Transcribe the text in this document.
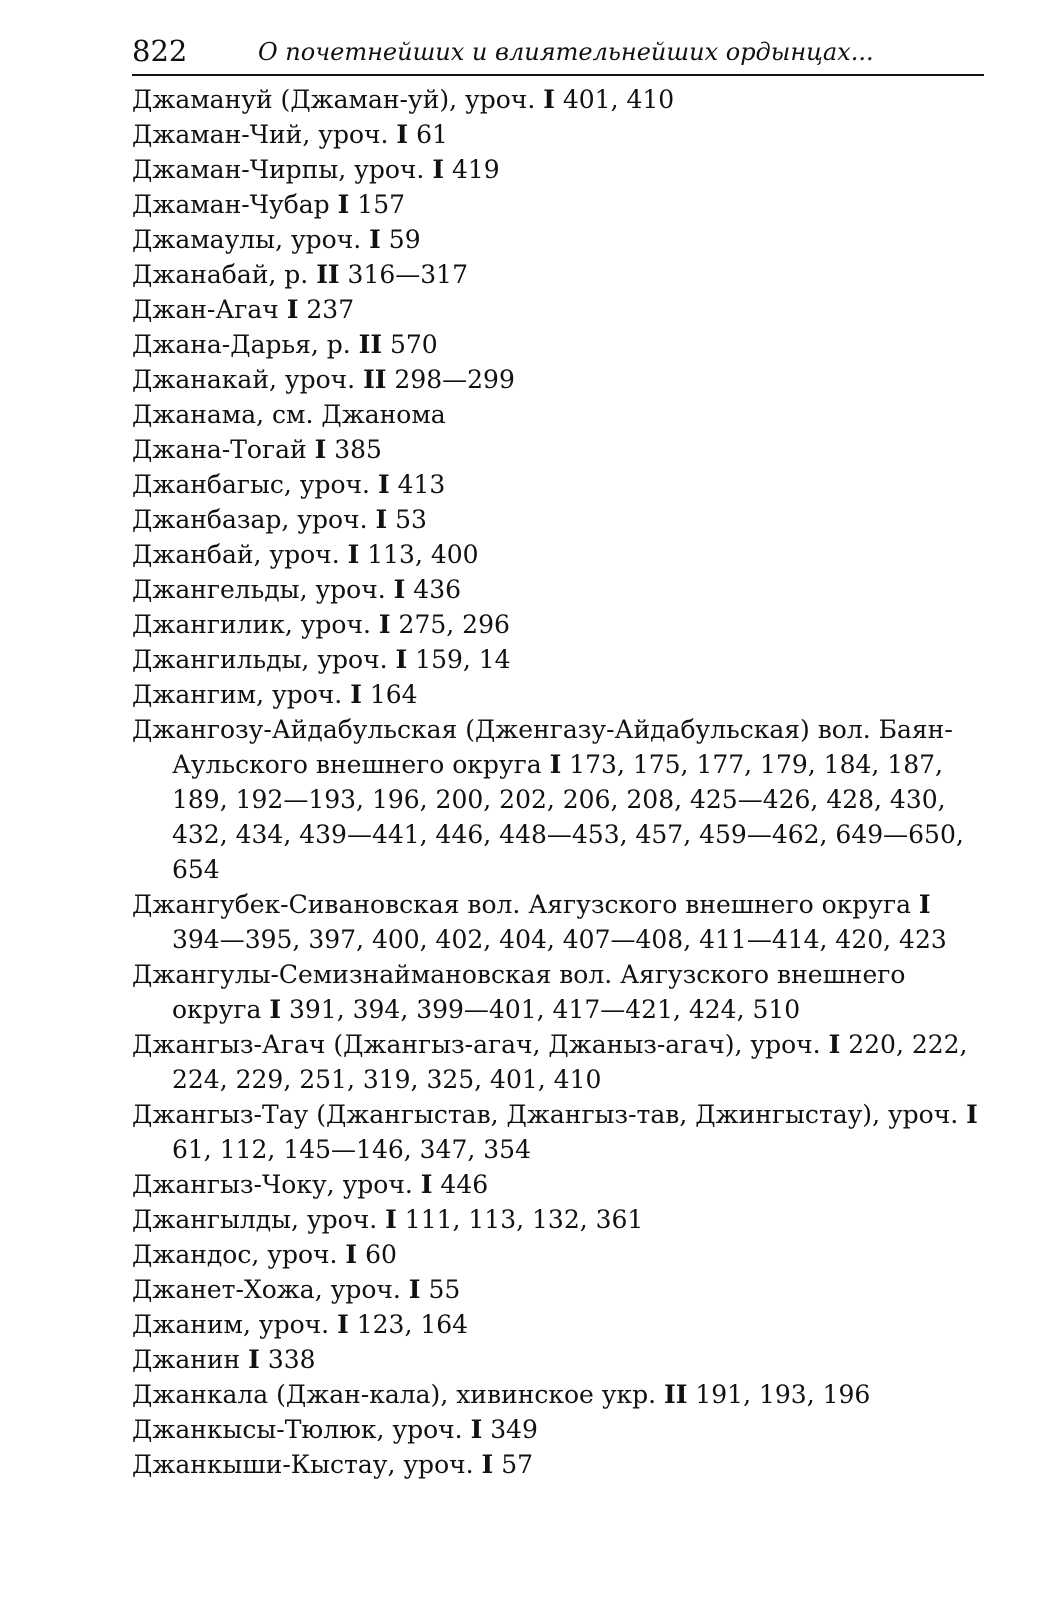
822	О почетнейших и влиятельнейших ордынцах...
Джамануй (Джаман-уй), уроч. I 401, 410
Джаман-Чий, уроч. I 61
Джаман-Чирпы, уроч. I 419
Джаман-Чубар I 157
Джамаулы, уроч. I 59
Джанабай, р. II 316—317
Джан-Агач I 237
Джана-Дарья, р. II 570
Джанакай, уроч. II 298—299
Джанама, см. Джанома
Джана-Тогай I 385
Джанбагыс, уроч. I 413
Джанбазар, уроч. I 53
Джанбай, уроч. I 113, 400
Джангельды, уроч. I 436
Джангилик, уроч. I 275, 296
Джангильды, уроч. I 159, 14
Джангим, уроч. I 164
Джангозу-Айдабульская (Дженгазу-Айдабульская) вол. Баян-Аульского внешнего округа I 173, 175, 177, 179, 184, 187, 189, 192—193, 196, 200, 202, 206, 208, 425—426, 428, 430, 432, 434, 439—441, 446, 448—453, 457, 459—462, 649—650, 654
Джангубек-Сивановская вол. Аягузского внешнего округа I 394—395, 397, 400, 402, 404, 407—408, 411—414, 420, 423
Джангулы-Семизнаймановская вол. Аягузского внешнего округа I 391, 394, 399—401, 417—421, 424, 510
Джангыз-Агач (Джангыз-агач, Джаныз-агач), уроч. I 220, 222, 224, 229, 251, 319, 325, 401, 410
Джангыз-Тау (Джангыстав, Джангыз-тав, Джингыстау), уроч. I 61, 112, 145—146, 347, 354
Джангыз-Чоку, уроч. I 446
Джангылды, уроч. I 111, 113, 132, 361
Джандос, уроч. I 60
Джанет-Хожа, уроч. I 55
Джаним, уроч. I 123, 164
Джанин I 338
Джанкала (Джан-кала), хивинское укр. II 191, 193, 196
Джанкысы-Тюлюк, уроч. I 349
Джанкыши-Кыстау, уроч. I 57
